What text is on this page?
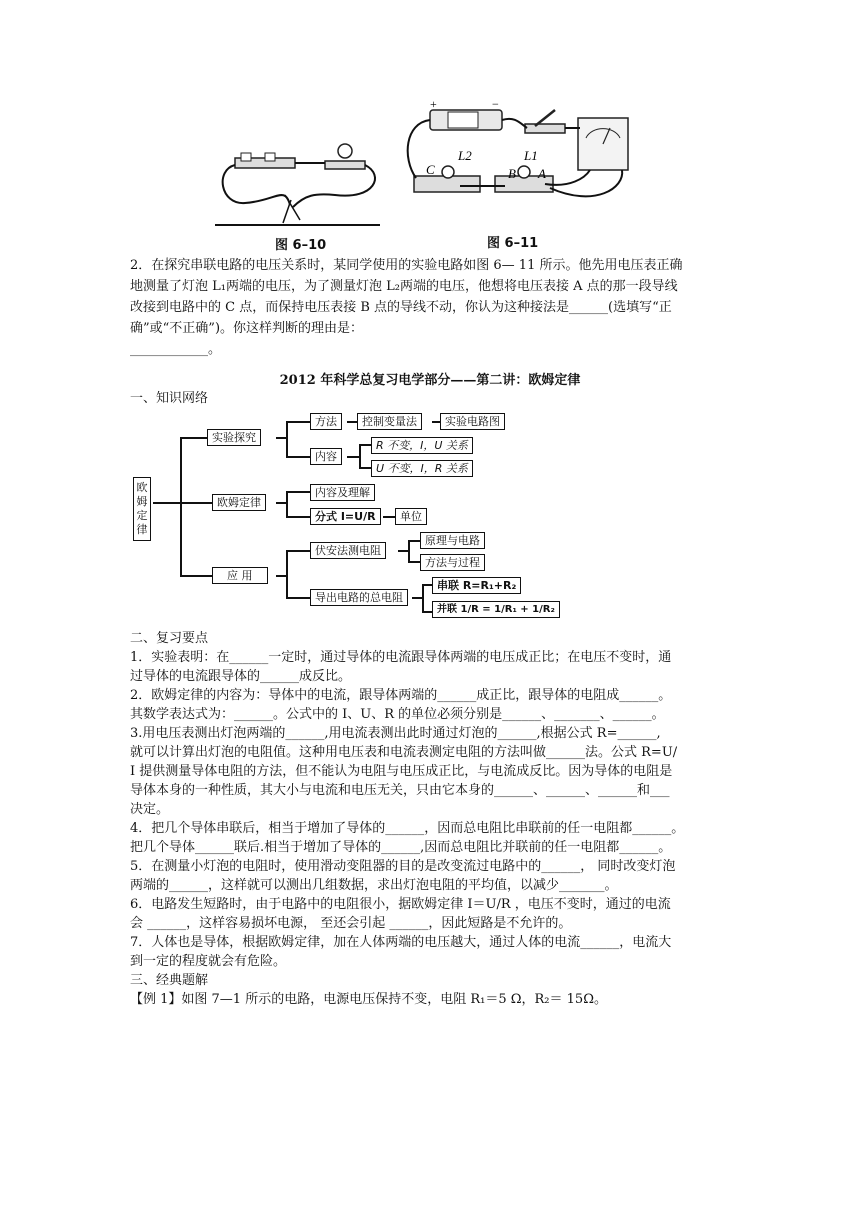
图 6–10
+	−
C
L2	L1
B A
图 6–11
2．在探究串联电路的电压关系时，某同学使用的实验电路如图 6— 11 所示。他先用电压表正确
地测量了灯泡 L₁两端的电压，为了测量灯泡 L₂两端的电压，他想将电压表接 A 点的那一段导线
改接到电路中的 C 点，而保持电压表接 B 点的导线不动，你认为这种接法是______(选填写“正
确”或“不正确”)。你这样判断的理由是：
____________。
2012 年科学总复习电学部分——第二讲：欧姆定律
一、知识网络
欧姆定律
实验探究
欧姆定律
应 用
方法	控制变量法	实验电路图
内容
R 不变，I，U 关系
U 不变，I，R 关系
内容及理解
分式 I=U/R	单位
伏安法测电阻
原理与电路
方法与过程
导出电路的总电阻
串联 R=R₁+R₂
并联 1/R = 1/R₁ + 1/R₂
二、复习要点
1．实验表明：在______一定时，通过导体的电流跟导体两端的电压成正比；在电压不变时，通
过导体的电流跟导体的______成反比。
2．欧姆定律的内容为：导体中的电流，跟导体两端的______成正比，跟导体的电阻成______。
其数学表达式为：______。公式中的 I、U、R 的单位必须分别是______、_______、______。
3.用电压表测出灯泡两端的______,用电流表测出此时通过灯泡的______,根据公式 R=______,
就可以计算出灯泡的电阻值。这种用电压表和电流表测定电阻的方法叫做______法。公式 R=U/
I 提供测量导体电阻的方法，但不能认为电阻与电压成正比，与电流成反比。因为导体的电阻是
导体本身的一种性质，其大小与电流和电压无关，只由它本身的______、______、______和___
决定。
4．把几个导体串联后，相当于增加了导体的______，因而总电阻比串联前的任一电阻都______。
把几个导体______联后.相当于增加了导体的______,因而总电阻比并联前的任一电阻都______。
5．在测量小灯泡的电阻时，使用滑动变阻器的目的是改变流过电路中的______， 同时改变灯泡
两端的______，这样就可以测出几组数据，求出灯泡电阻的平均值，以减少_______。
6．电路发生短路时，由于电路中的电阻很小，据欧姆定律 I＝U/R ，电压不变时，通过的电流
会 ______，这样容易损坏电源， 至还会引起 ______，因此短路是不允许的。
7．人体也是导体，根据欧姆定律，加在人体两端的电压越大，通过人体的电流______，电流大
到一定的程度就会有危险。
三、经典题解
【例 1】如图 7—1 所示的电路，电源电压保持不变，电阻 R₁＝5 Ω，R₂＝ 15Ω。
